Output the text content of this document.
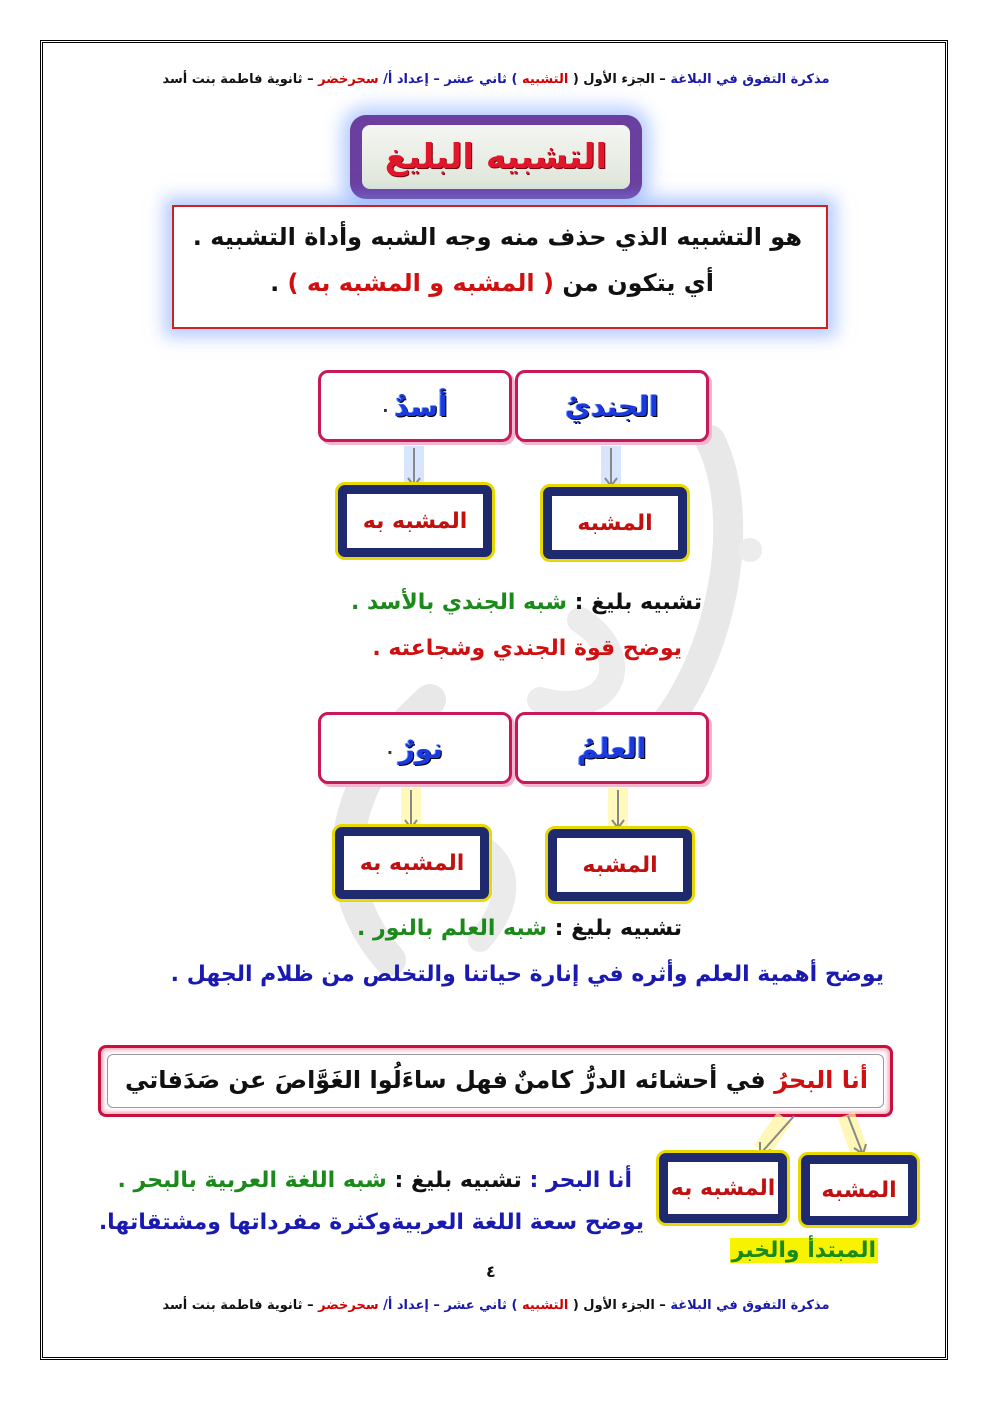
مذكرة التفوق في البلاغة – الجزء الأول ( التشبيه ) ثاني عشر – إعداد أ/ سحرخضر – ثانوية فاطمة بنت أسد
التشبيه البليغ
هو التشبيه الذي حذف منه وجه الشبه وأداة التشبيه .
أي يتكون من ( المشبه و المشبه به ) .
الجنديُ
أسدٌ
.
المشبه
المشبه به
تشبيه بليغ : شبه الجندي بالأسد .
يوضح قوة الجندي وشجاعته .
العلمُ
نورٌ
.
المشبه
المشبه به
تشبيه بليغ : شبه العلم بالنور .
يوضح أهمية العلم وأثره في إنارة حياتنا والتخلص من ظلام الجهل .
أنا البحرُ في أحشائه الدرُّ كامنٌ
فهل ساءَلُوا الغَوَّاصَ عن صَدَفاتي
المشبه
المشبه به
المبتدأ والخبر
أنا البحر : تشبيه بليغ : شبه اللغة العربية بالبحر .
يوضح سعة اللغة العربيةوكثرة مفرداتها ومشتقاتها.
٤
مذكرة التفوق في البلاغة – الجزء الأول ( التشبيه ) ثاني عشر – إعداد أ/ سحرخضر – ثانوية فاطمة بنت أسد
